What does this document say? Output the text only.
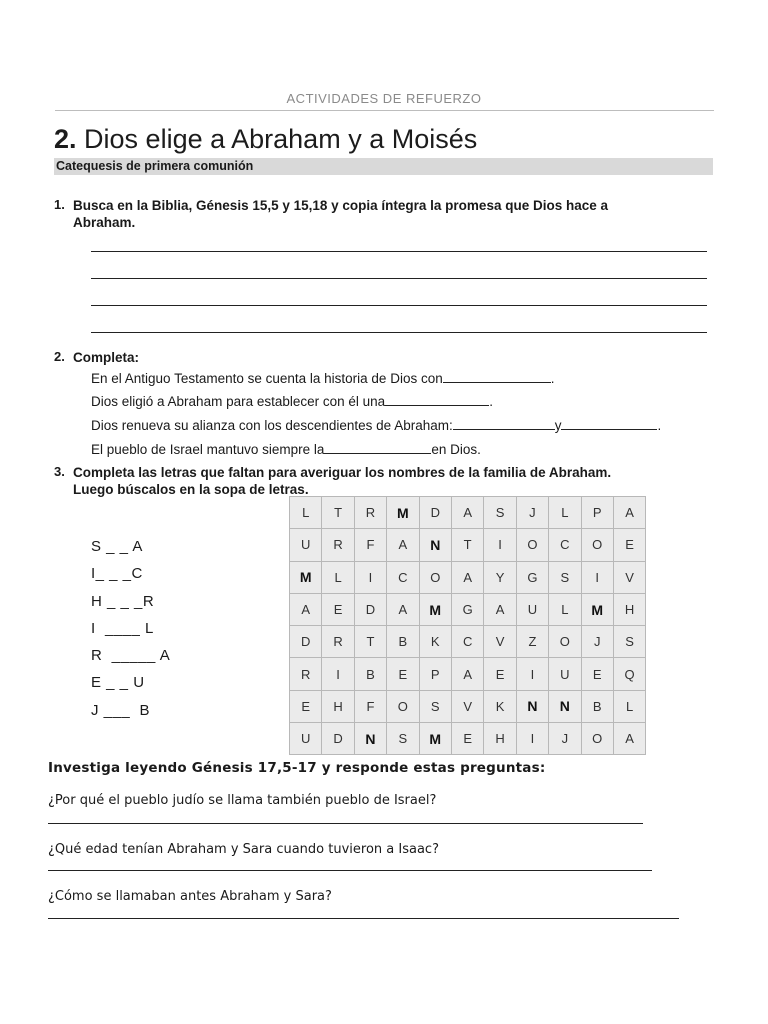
ACTIVIDADES DE REFUERZO
2. Dios elige a Abraham y a Moisés
Catequesis de primera comunión
1. Busca en la Biblia, Génesis 15,5 y 15,18 y copia íntegra la promesa que Dios hace a
Abraham.
2. Completa:
En el Antiguo Testamento se cuenta la historia de Dios con	.
Dios eligió a Abraham para establecer con él una	.
Dios renueva su alianza con los descendientes de Abraham:	y	.
El pueblo de Israel mantuvo siempre la	en Dios.
3. Completa las letras que faltan para averiguar los nombres de la familia de Abraham.
Luego búscalos en la sopa de letras.
S _ _ A
I_ _ _C
H _ _ _R
I  ____ L
R  _____ A
E _ _ U
J ___  B
L	T	R	M	D	A	S	J	L	P	A
U	R	F	A	N	T	I	O	C	O	E
M	L	I	C	O	A	Y	G	S	I	V
A	E	D	A	M	G	A	U	L	M	H
D	R	T	B	K	C	V	Z	O	J	S
R	I	B	E	P	A	E	I	U	E	Q
E	H	F	O	S	V	K	N	N	B	L
U	D	N	S	M	E	H	I	J	O	A
Investiga leyendo Génesis 17,5-17 y responde estas preguntas:
¿Por qué el pueblo judío se llama también pueblo de Israel?
¿Qué edad tenían Abraham y Sara cuando tuvieron a Isaac?
¿Cómo se llamaban antes Abraham y Sara?
